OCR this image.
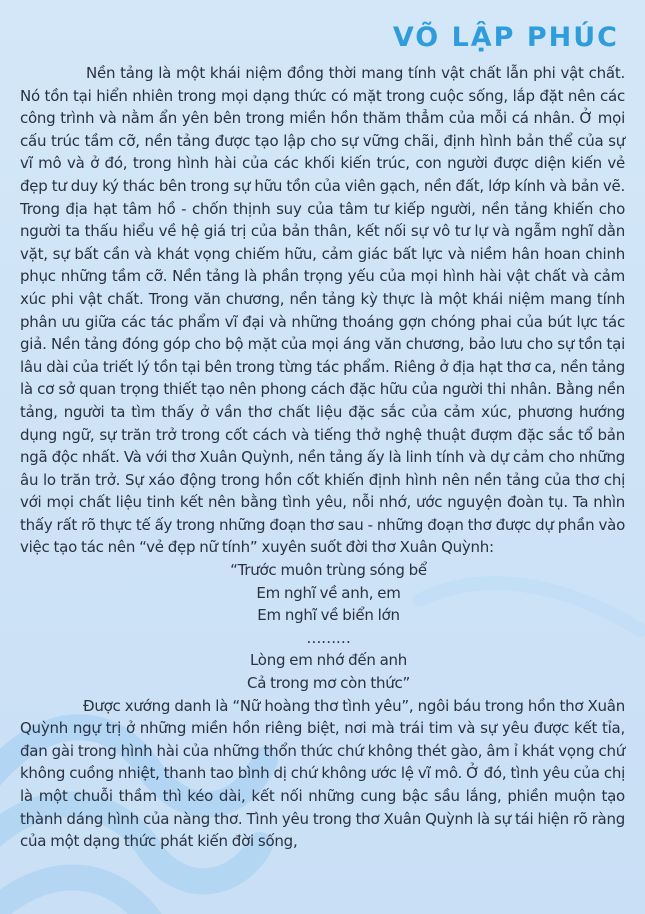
VÕ LẬP PHÚC

Nền tảng là một khái niệm đồng thời mang tính vật chất lẫn phi vật chất. Nó tồn tại hiển nhiên trong mọi dạng thức có mặt trong cuộc sống, lắp đặt nên các công trình và nằm ẩn yên bên trong miền hồn thăm thẳm của mỗi cá nhân. Ở mọi cấu trúc tầm cỡ, nền tảng được tạo lập cho sự vững chãi, định hình bản thể của sự vĩ mô và ở đó, trong hình hài của các khối kiến trúc, con người được diện kiến vẻ đẹp tư duy ký thác bên trong sự hữu tồn của viên gạch, nền đất, lớp kính và bản vẽ. Trong địa hạt tâm hồ - chốn thịnh suy của tâm tư kiếp người, nền tảng khiến cho người ta thấu hiểu về hệ giá trị của bản thân, kết nối sự vô tư lự và ngẫm nghĩ dằn vặt, sự bất cần và khát vọng chiếm hữu, cảm giác bất lực và niềm hân hoan chinh phục những tầm cỡ. Nền tảng là phần trọng yếu của mọi hình hài vật chất và cảm xúc phi vật chất. Trong văn chương, nền tảng kỳ thực là một khái niệm mang tính phân ưu giữa các tác phẩm vĩ đại và những thoáng gợn chóng phai của bút lực tác giả. Nền tảng đóng góp cho bộ mặt của mọi áng văn chương, bảo lưu cho sự tồn tại lâu dài của triết lý tồn tại bên trong từng tác phẩm. Riêng ở địa hạt thơ ca, nền tảng là cơ sở quan trọng thiết tạo nên phong cách đặc hữu của người thi nhân. Bằng nền tảng, người ta tìm thấy ở vần thơ chất liệu đặc sắc của cảm xúc, phương hướng dụng ngữ, sự trăn trở trong cốt cách và tiếng thở nghệ thuật đượm đặc sắc tổ bản ngã độc nhất. Và với thơ Xuân Quỳnh, nền tảng ấy là linh tính và dự cảm cho những âu lo trăn trở. Sự xáo động trong hồn cốt khiến định hình nên nền tảng của thơ chị với mọi chất liệu tinh kết nên bằng tình yêu, nỗi nhớ, ước nguyện đoàn tụ. Ta nhìn thấy rất rõ thực tế ấy trong những đoạn thơ sau - những đoạn thơ được dự phần vào việc tạo tác nên “vẻ đẹp nữ tính” xuyên suốt đời thơ Xuân Quỳnh:

“Trước muôn trùng sóng bể
Em nghĩ về anh, em
Em nghĩ về biển lớn
………
Lòng em nhớ đến anh
Cả trong mơ còn thức”

Được xướng danh là “Nữ hoàng thơ tình yêu”, ngôi báu trong hồn thơ Xuân Quỳnh ngự trị ở những miền hồn riêng biệt, nơi mà trái tim và sự yêu được kết tỉa, đan gài trong hình hài của những thổn thức chứ không thét gào, âm ỉ khát vọng chứ không cuồng nhiệt, thanh tao bình dị chứ không ước lệ vĩ mô. Ở đó, tình yêu của chị là một chuỗi thầm thì kéo dài, kết nối những cung bậc sầu lắng, phiền muộn tạo thành dáng hình của nàng thơ. Tình yêu trong thơ Xuân Quỳnh là sự tái hiện rõ ràng của một dạng thức phát kiến đời sống,
